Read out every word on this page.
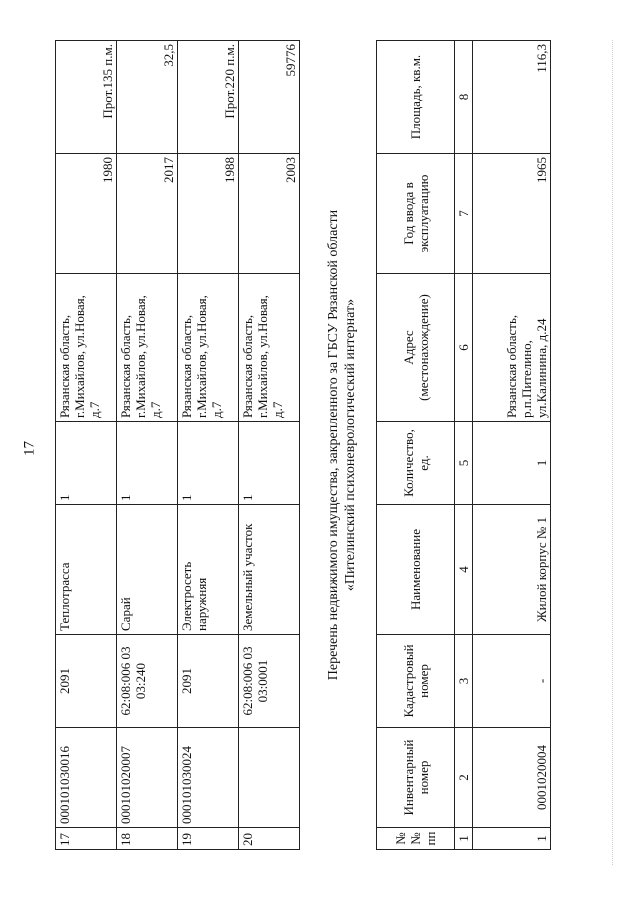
17
17	000101030016	2091	Теплотрасса	1	Рязанская область, г.Михайлов, ул.Новая, д.7	1980	Прот.135 п.м.
18	000101020007	62:08:006 03 03:240	Сарай	1	Рязанская область, г.Михайлов, ул.Новая, д.7	2017	32,5
19	000101030024	2091	Электросеть наружняя	1	Рязанская область, г.Михайлов, ул.Новая, д.7	1988	Прот.220 п.м.
20		62:08:006 03 03:0001	Земельный участок	1	Рязанская область, г.Михайлов, ул.Новая, д.7	2003	59776
Перечень недвижимого имущества, закрепленного за ГБСУ Рязанской области «Пителинский психоневрологический интернат»
№ № пп	Инвентарный номер	Кадастровый номер	Наименование	Количество, ед.	Адрес (местонахождение)	Год ввода в эксплуатацию	Площадь, кв.м.
1	2	3	4	5	6	7	8
1	0001020004	-	Жилой корпус № 1	1	Рязанская область, р.п.Пителино, ул.Калинина, д.24	1965	116,3
